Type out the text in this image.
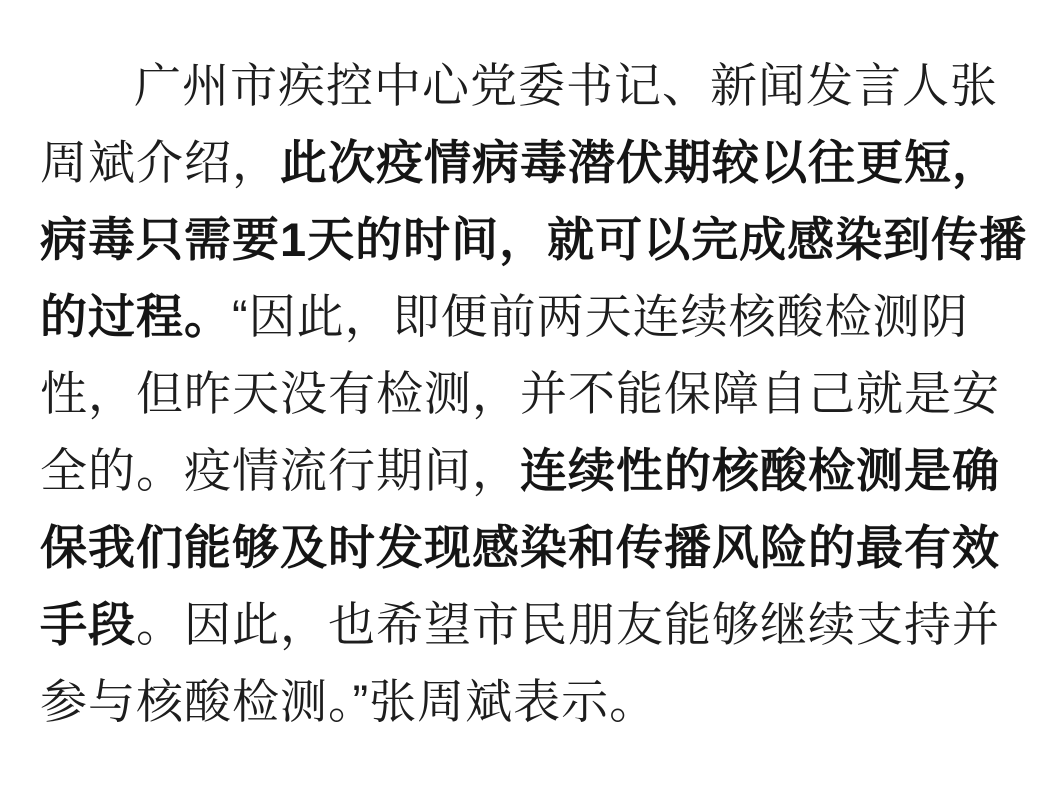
广州市疾控中心党委书记、新闻发言人张
周斌介绍，此次疫情病毒潜伏期较以往更短，
病毒只需要1天的时间，就可以完成感染到传播
的过程。“因此，即便前两天连续核酸检测阴
性，但昨天没有检测，并不能保障自己就是安
全的。疫情流行期间，连续性的核酸检测是确
保我们能够及时发现感染和传播风险的最有效
手段。因此，也希望市民朋友能够继续支持并
参与核酸检测。”张周斌表示。
